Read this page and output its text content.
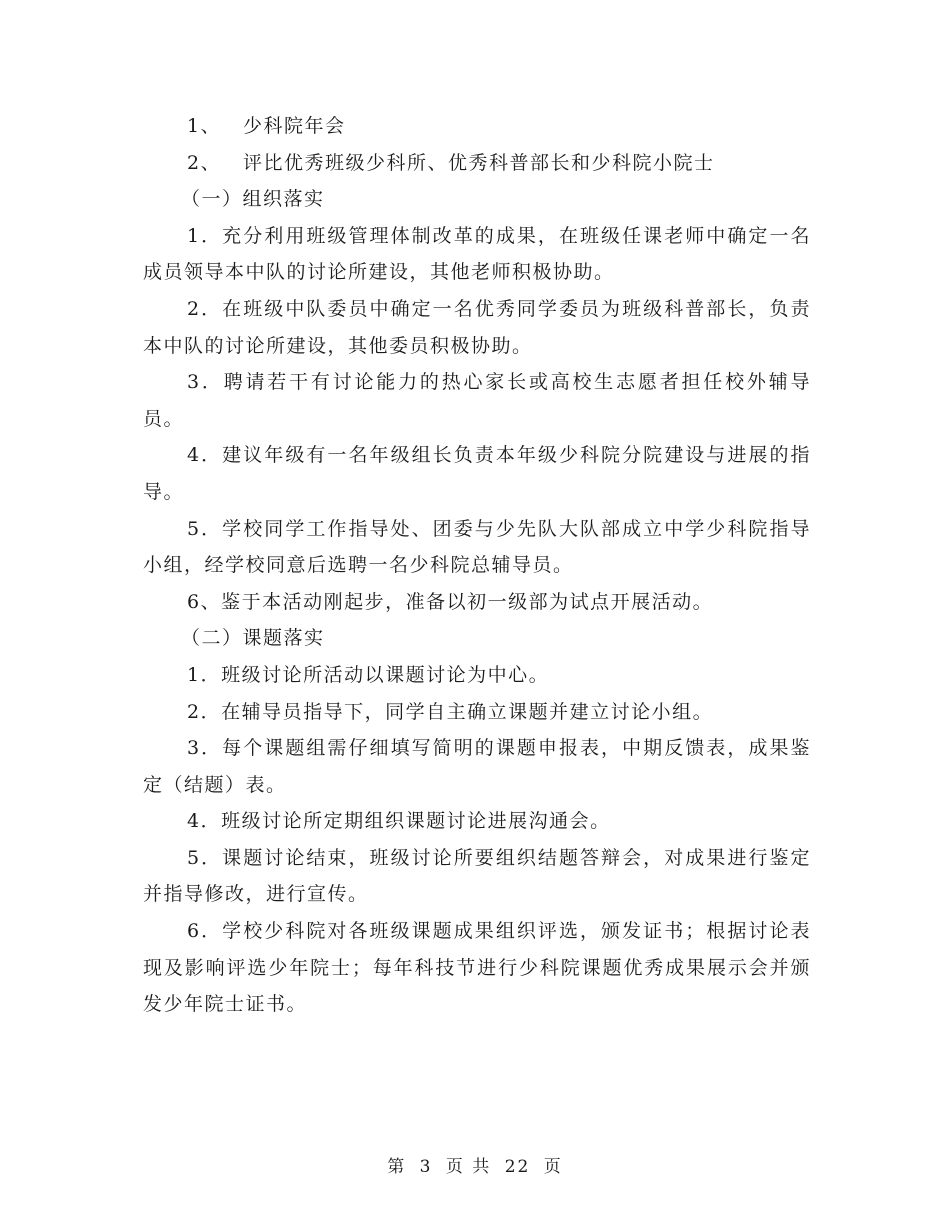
1、	少科院年会
2、	评比优秀班级少科所、优秀科普部长和少科院小院士
（一）组织落实

1．充分利用班级管理体制改革的成果，在班级任课老师中确定一名成员领导本中队的讨论所建设，其他老师积极协助。

2．在班级中队委员中确定一名优秀同学委员为班级科普部长，负责本中队的讨论所建设，其他委员积极协助。

3．聘请若干有讨论能力的热心家长或高校生志愿者担任校外辅导员。

4．建议年级有一名年级组长负责本年级少科院分院建设与进展的指导。

5．学校同学工作指导处、团委与少先队大队部成立中学少科院指导小组，经学校同意后选聘一名少科院总辅导员。

6、鉴于本活动刚起步，准备以初一级部为试点开展活动。

（二）课题落实

1．班级讨论所活动以课题讨论为中心。

2．在辅导员指导下，同学自主确立课题并建立讨论小组。

3．每个课题组需仔细填写简明的课题申报表，中期反馈表，成果鉴定（结题）表。

4．班级讨论所定期组织课题讨论进展沟通会。

5．课题讨论结束，班级讨论所要组织结题答辩会，对成果进行鉴定并指导修改，进行宣传。

6．学校少科院对各班级课题成果组织评选，颁发证书；根据讨论表现及影响评选少年院士；每年科技节进行少科院课题优秀成果展示会并颁发少年院士证书。

第 3 页 共 22 页
